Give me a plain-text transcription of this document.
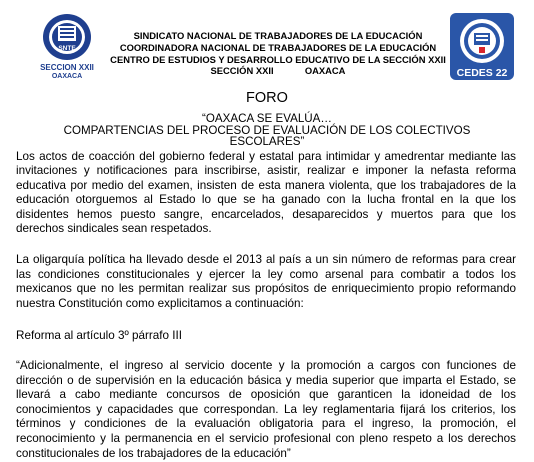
SNTE
SECCION XXII
OAXACA
SINDICATO NACIONAL DE TRABAJADORES DE LA EDUCACIÓN
COORDINADORA NACIONAL DE TRABAJADORES DE LA EDUCACIÓN
CENTRO DE ESTUDIOS Y DESARROLLO EDUCATIVO DE LA SECCIÓN XXII
SECCIÓN XXII	OAXACA	CEDES 22
FORO
“OAXACA SE EVALÚA…
COMPARTENCIAS DEL PROCESO DE EVALUACIÓN DE LOS COLECTIVOS
ESCOLARES”

Los actos de coacción del gobierno federal y estatal para intimidar y amedrentar mediante las invitaciones y notificaciones para inscribirse, asistir, realizar e imponer la nefasta reforma educativa por medio del examen, insisten de esta manera violenta, que los trabajadores de la educación otorguemos al Estado lo que se ha ganado con la lucha frontal en la que los disidentes hemos puesto sangre, encarcelados, desaparecidos y muertos para que los derechos sindicales sean respetados.

La oligarquía política ha llevado desde el 2013 al país a un sin número de reformas para crear las condiciones constitucionales y ejercer la ley como arsenal para combatir a todos los mexicanos que no les permitan realizar sus propósitos de enriquecimiento propio reformando nuestra Constitución como explicitamos a continuación:

Reforma al artículo 3º párrafo III

“Adicionalmente, el ingreso al servicio docente y la promoción a cargos con funciones de dirección o de supervisión en la educación básica y media superior que imparta el Estado, se llevará a cabo mediante concursos de oposición que garanticen la idoneidad de los conocimientos y capacidades que correspondan. La ley reglamentaria fijará los criterios, los términos y condiciones de la evaluación obligatoria para el ingreso, la promoción, el reconocimiento y la permanencia en el servicio profesional con pleno respeto a los derechos constitucionales de los trabajadores de la educación”
